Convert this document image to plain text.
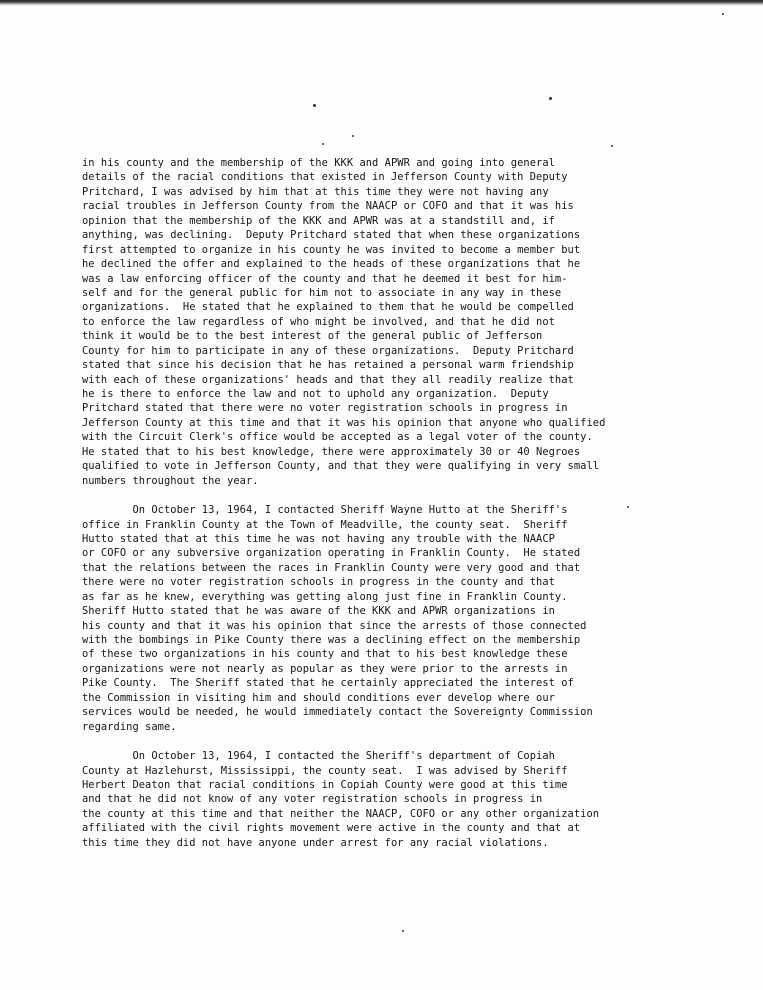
in his county and the membership of the KKK and APWR and going into general
details of the racial conditions that existed in Jefferson County with Deputy
Pritchard, I was advised by him that at this time they were not having any
racial troubles in Jefferson County from the NAACP or COFO and that it was his
opinion that the membership of the KKK and APWR was at a standstill and, if
anything, was declining.  Deputy Pritchard stated that when these organizations
first attempted to organize in his county he was invited to become a member but
he declined the offer and explained to the heads of these organizations that he
was a law enforcing officer of the county and that he deemed it best for him-
self and for the general public for him not to associate in any way in these
organizations.  He stated that he explained to them that he would be compelled
to enforce the law regardless of who might be involved, and that he did not
think it would be to the best interest of the general public of Jefferson
County for him to participate in any of these organizations.  Deputy Pritchard
stated that since his decision that he has retained a personal warm friendship
with each of these organizations' heads and that they all readily realize that
he is there to enforce the law and not to uphold any organization.  Deputy
Pritchard stated that there were no voter registration schools in progress in
Jefferson County at this time and that it was his opinion that anyone who qualified
with the Circuit Clerk's office would be accepted as a legal voter of the county.
He stated that to his best knowledge, there were approximately 30 or 40 Negroes
qualified to vote in Jefferson County, and that they were qualifying in very small
numbers throughout the year.
On October 13, 1964, I contacted Sheriff Wayne Hutto at the Sheriff's
office in Franklin County at the Town of Meadville, the county seat.  Sheriff
Hutto stated that at this time he was not having any trouble with the NAACP
or COFO or any subversive organization operating in Franklin County.  He stated
that the relations between the races in Franklin County were very good and that
there were no voter registration schools in progress in the county and that
as far as he knew, everything was getting along just fine in Franklin County.
Sheriff Hutto stated that he was aware of the KKK and APWR organizations in
his county and that it was his opinion that since the arrests of those connected
with the bombings in Pike County there was a declining effect on the membership
of these two organizations in his county and that to his best knowledge these
organizations were not nearly as popular as they were prior to the arrests in
Pike County.  The Sheriff stated that he certainly appreciated the interest of
the Commission in visiting him and should conditions ever develop where our
services would be needed, he would immediately contact the Sovereignty Commission
regarding same.
On October 13, 1964, I contacted the Sheriff's department of Copiah
County at Hazlehurst, Mississippi, the county seat.  I was advised by Sheriff
Herbert Deaton that racial conditions in Copiah County were good at this time
and that he did not know of any voter registration schools in progress in
the county at this time and that neither the NAACP, COFO or any other organization
affiliated with the civil rights movement were active in the county and that at
this time they did not have anyone under arrest for any racial violations.
